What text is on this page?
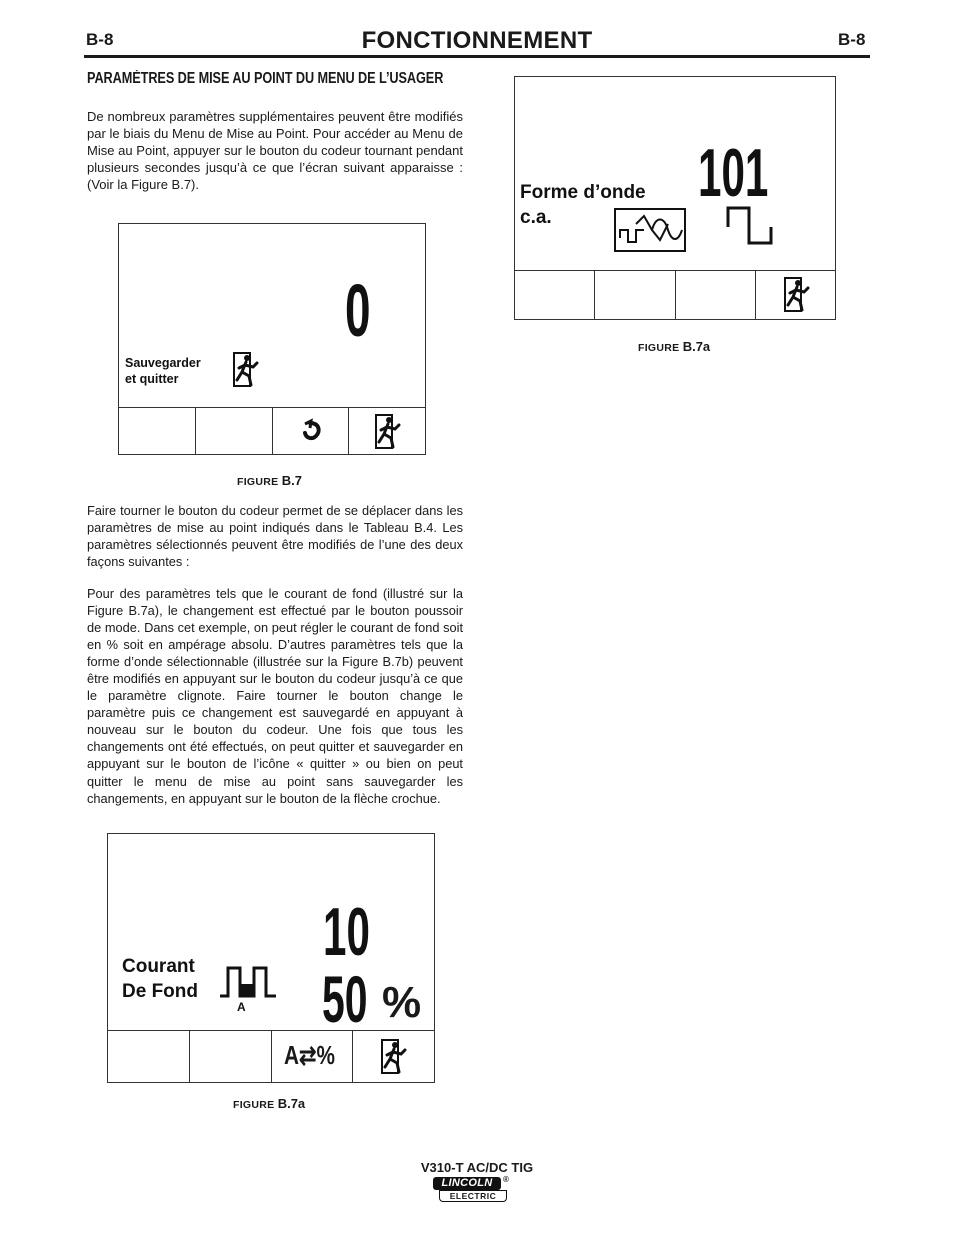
B-8	FONCTIONNEMENT	B-8
PARAMÈTRES DE MISE AU POINT DU MENU DE L’USAGER

De nombreux paramètres supplémentaires peuvent être modifiés par le biais du Menu de Mise au Point. Pour accéder au Menu de Mise au Point, appuyer sur le bouton du codeur tournant pendant plusieurs secondes jusqu’à ce que l’écran suivant apparaisse : (Voir la Figure B.7).

0
Sauvegarder
et quitter
FIGURE B.7

Faire tourner le bouton du codeur permet de se déplacer dans les paramètres de mise au point indiqués dans le Tableau B.4. Les paramètres sélectionnés peuvent être modifiés de l’une des deux façons suivantes :

Pour des paramètres tels que le courant de fond (illustré sur la Figure B.7a), le changement est effectué par le bouton poussoir de mode. Dans cet exemple, on peut régler le courant de fond soit en % soit en ampérage absolu. D’autres paramètres tels que la forme d’onde sélectionnable (illustrée sur la Figure B.7b) peuvent être modifiés en appuyant sur le bouton du codeur jusqu’à ce que le paramètre clignote. Faire tourner le bouton change le paramètre puis ce changement est sauvegardé en appuyant à nouveau sur le bouton du codeur. Une fois que tous les changements ont été effectués, on peut quitter et sauvegarder en appuyant sur le bouton de l’icône « quitter » ou bien on peut quitter le menu de mise au point sans sauvegarder les changements, en appuyant sur le bouton de la flèche crochue.

10
50 %
Courant
De Fond
A
A⇄%
FIGURE B.7a
101
Forme d’onde
c.a.
FIGURE B.7a
V310-T AC/DC TIG
LINCOLN	®
ELECTRIC
